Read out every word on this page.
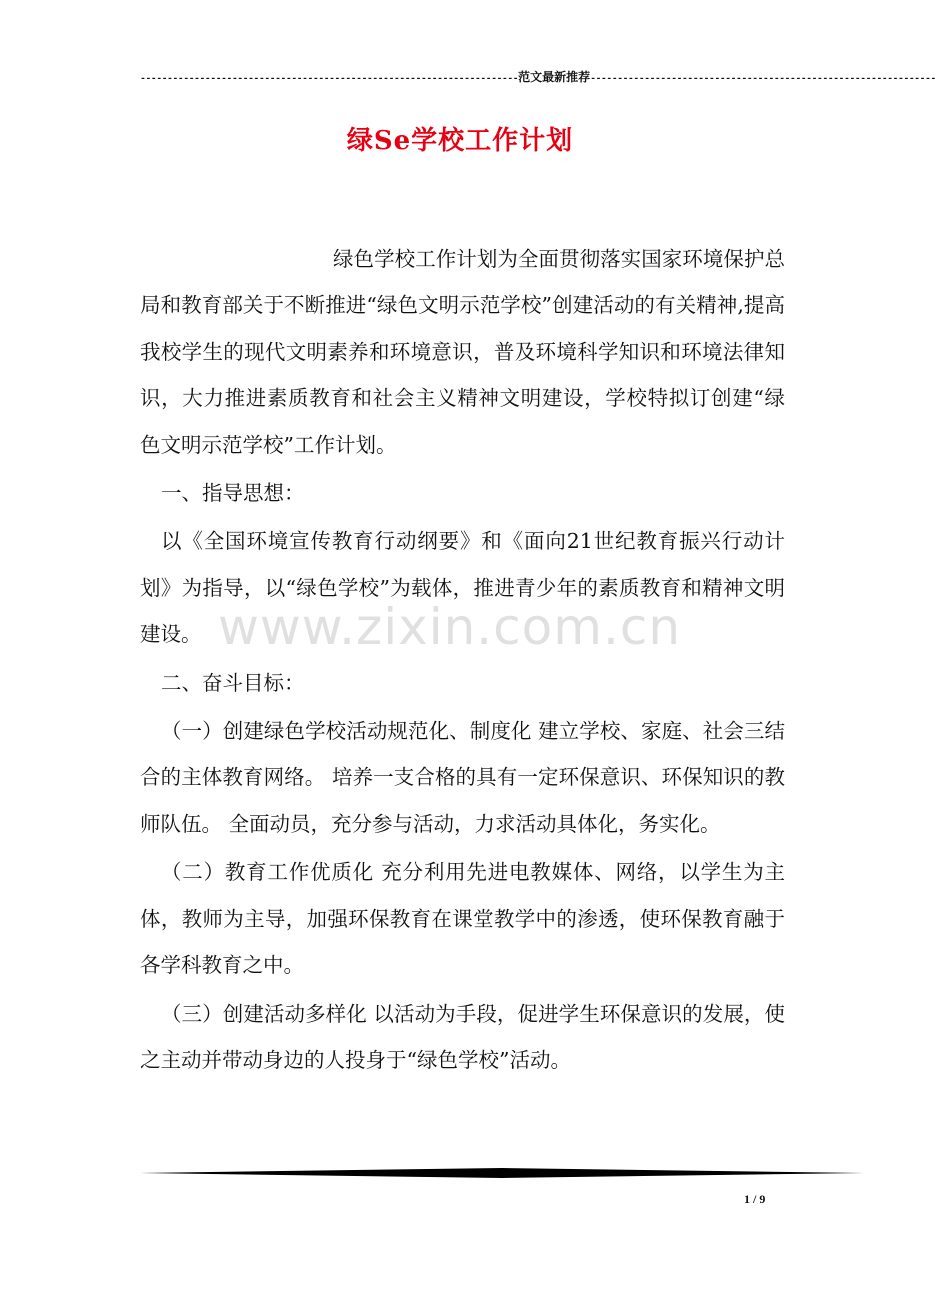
----------------------------------------------------------------------范文最新推荐----------------------------------------------------------------
绿Se学校工作计划

绿色学校工作计划为全面贯彻落实国家环境保护总局和教育部关于不断推进“绿色文明示范学校”创建活动的有关精神,提高我校学生的现代文明素养和环境意识，普及环境科学知识和环境法律知识，大力推进素质教育和社会主义精神文明建设，学校特拟订创建“绿色文明示范学校”工作计划。

一、指导思想：

以《全国环境宣传教育行动纲要》和《面向21世纪教育振兴行动计划》为指导，以“绿色学校”为载体，推进青少年的素质教育和精神文明建设。

二、奋斗目标：

（一）创建绿色学校活动规范化、制度化 建立学校、家庭、社会三结合的主体教育网络。 培养一支合格的具有一定环保意识、环保知识的教师队伍。 全面动员，充分参与活动，力求活动具体化，务实化。

（二）教育工作优质化 充分利用先进电教媒体、网络，以学生为主体，教师为主导，加强环保教育在课堂教学中的渗透，使环保教育融于各学科教育之中。

（三）创建活动多样化 以活动为手段，促进学生环保意识的发展，使之主动并带动身边的人投身于“绿色学校”活动。

www.zixin.com.cn
1 / 9
